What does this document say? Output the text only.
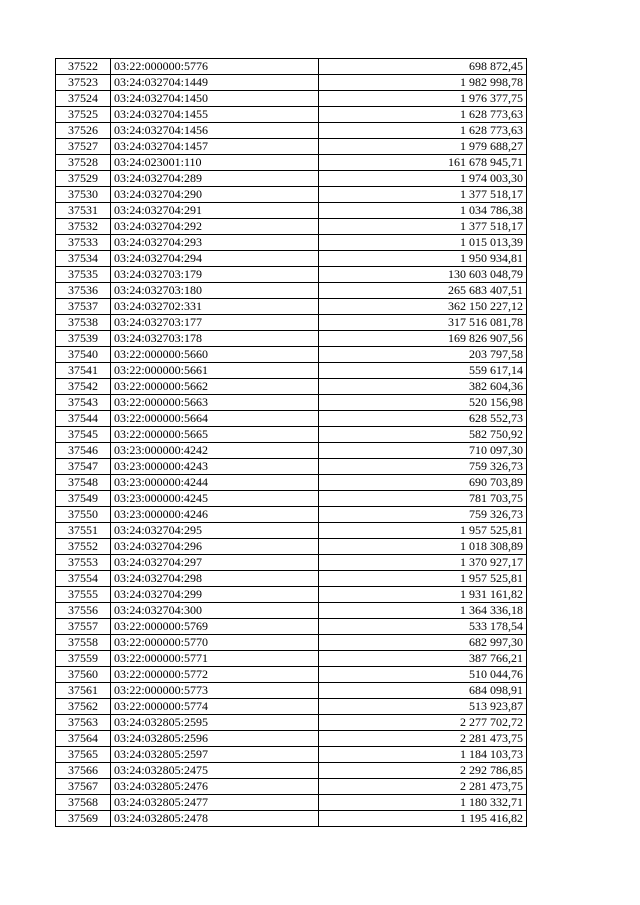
37522	03:22:000000:5776	698 872,45
37523	03:24:032704:1449	1 982 998,78
37524	03:24:032704:1450	1 976 377,75
37525	03:24:032704:1455	1 628 773,63
37526	03:24:032704:1456	1 628 773,63
37527	03:24:032704:1457	1 979 688,27
37528	03:24:023001:110	161 678 945,71
37529	03:24:032704:289	1 974 003,30
37530	03:24:032704:290	1 377 518,17
37531	03:24:032704:291	1 034 786,38
37532	03:24:032704:292	1 377 518,17
37533	03:24:032704:293	1 015 013,39
37534	03:24:032704:294	1 950 934,81
37535	03:24:032703:179	130 603 048,79
37536	03:24:032703:180	265 683 407,51
37537	03:24:032702:331	362 150 227,12
37538	03:24:032703:177	317 516 081,78
37539	03:24:032703:178	169 826 907,56
37540	03:22:000000:5660	203 797,58
37541	03:22:000000:5661	559 617,14
37542	03:22:000000:5662	382 604,36
37543	03:22:000000:5663	520 156,98
37544	03:22:000000:5664	628 552,73
37545	03:22:000000:5665	582 750,92
37546	03:23:000000:4242	710 097,30
37547	03:23:000000:4243	759 326,73
37548	03:23:000000:4244	690 703,89
37549	03:23:000000:4245	781 703,75
37550	03:23:000000:4246	759 326,73
37551	03:24:032704:295	1 957 525,81
37552	03:24:032704:296	1 018 308,89
37553	03:24:032704:297	1 370 927,17
37554	03:24:032704:298	1 957 525,81
37555	03:24:032704:299	1 931 161,82
37556	03:24:032704:300	1 364 336,18
37557	03:22:000000:5769	533 178,54
37558	03:22:000000:5770	682 997,30
37559	03:22:000000:5771	387 766,21
37560	03:22:000000:5772	510 044,76
37561	03:22:000000:5773	684 098,91
37562	03:22:000000:5774	513 923,87
37563	03:24:032805:2595	2 277 702,72
37564	03:24:032805:2596	2 281 473,75
37565	03:24:032805:2597	1 184 103,73
37566	03:24:032805:2475	2 292 786,85
37567	03:24:032805:2476	2 281 473,75
37568	03:24:032805:2477	1 180 332,71
37569	03:24:032805:2478	1 195 416,82
